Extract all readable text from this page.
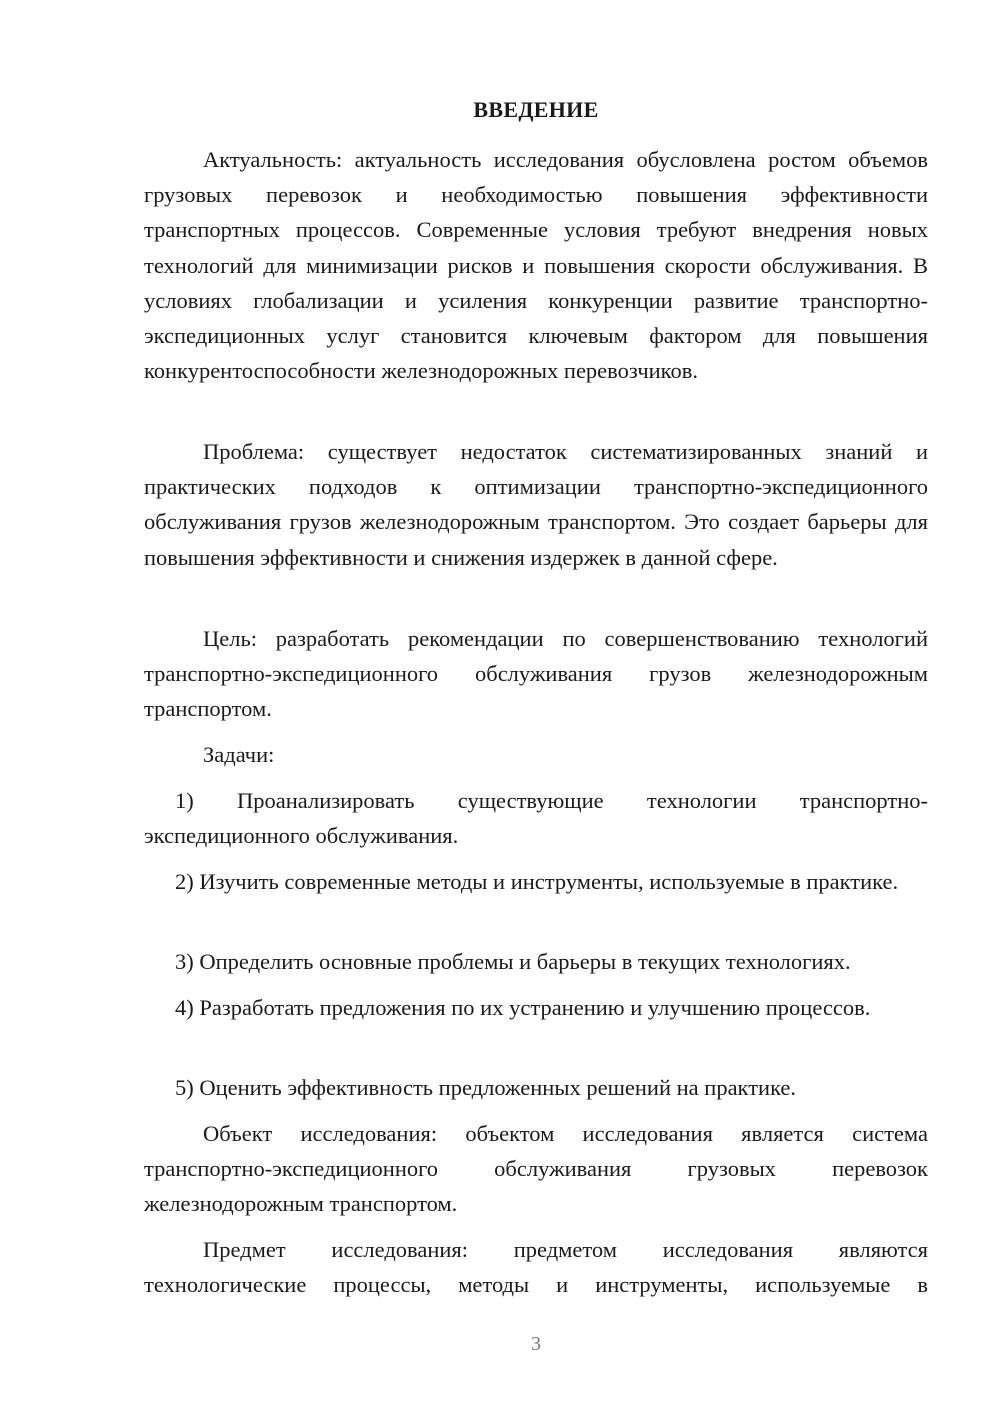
ВВЕДЕНИЕ

Актуальность: актуальность исследования обусловлена ростом объемов грузовых перевозок и необходимостью повышения эффективности транспортных процессов. Современные условия требуют внедрения новых технологий для минимизации рисков и повышения скорости обслуживания. В условиях глобализации и усиления конкуренции развитие транспортно-экспедиционных услуг становится ключевым фактором для повышения конкурентоспособности железнодорожных перевозчиков.

Проблема: существует недостаток систематизированных знаний и практических подходов к оптимизации транспортно-экспедиционного обслуживания грузов железнодорожным транспортом. Это создает барьеры для повышения эффективности и снижения издержек в данной сфере.

Цель: разработать рекомендации по совершенствованию технологий транспортно-экспедиционного обслуживания грузов железнодорожным транспортом.

Задачи:

1) Проанализировать существующие технологии транспортно-экспедиционного обслуживания.

2) Изучить современные методы и инструменты, используемые в практике.

3) Определить основные проблемы и барьеры в текущих технологиях.

4) Разработать предложения по их устранению и улучшению процессов.

5) Оценить эффективность предложенных решений на практике.

Объект исследования: объектом исследования является система транспортно-экспедиционного обслуживания грузовых перевозок железнодорожным транспортом.

Предмет исследования: предметом исследования являются технологические процессы, методы и инструменты, используемые в

3
